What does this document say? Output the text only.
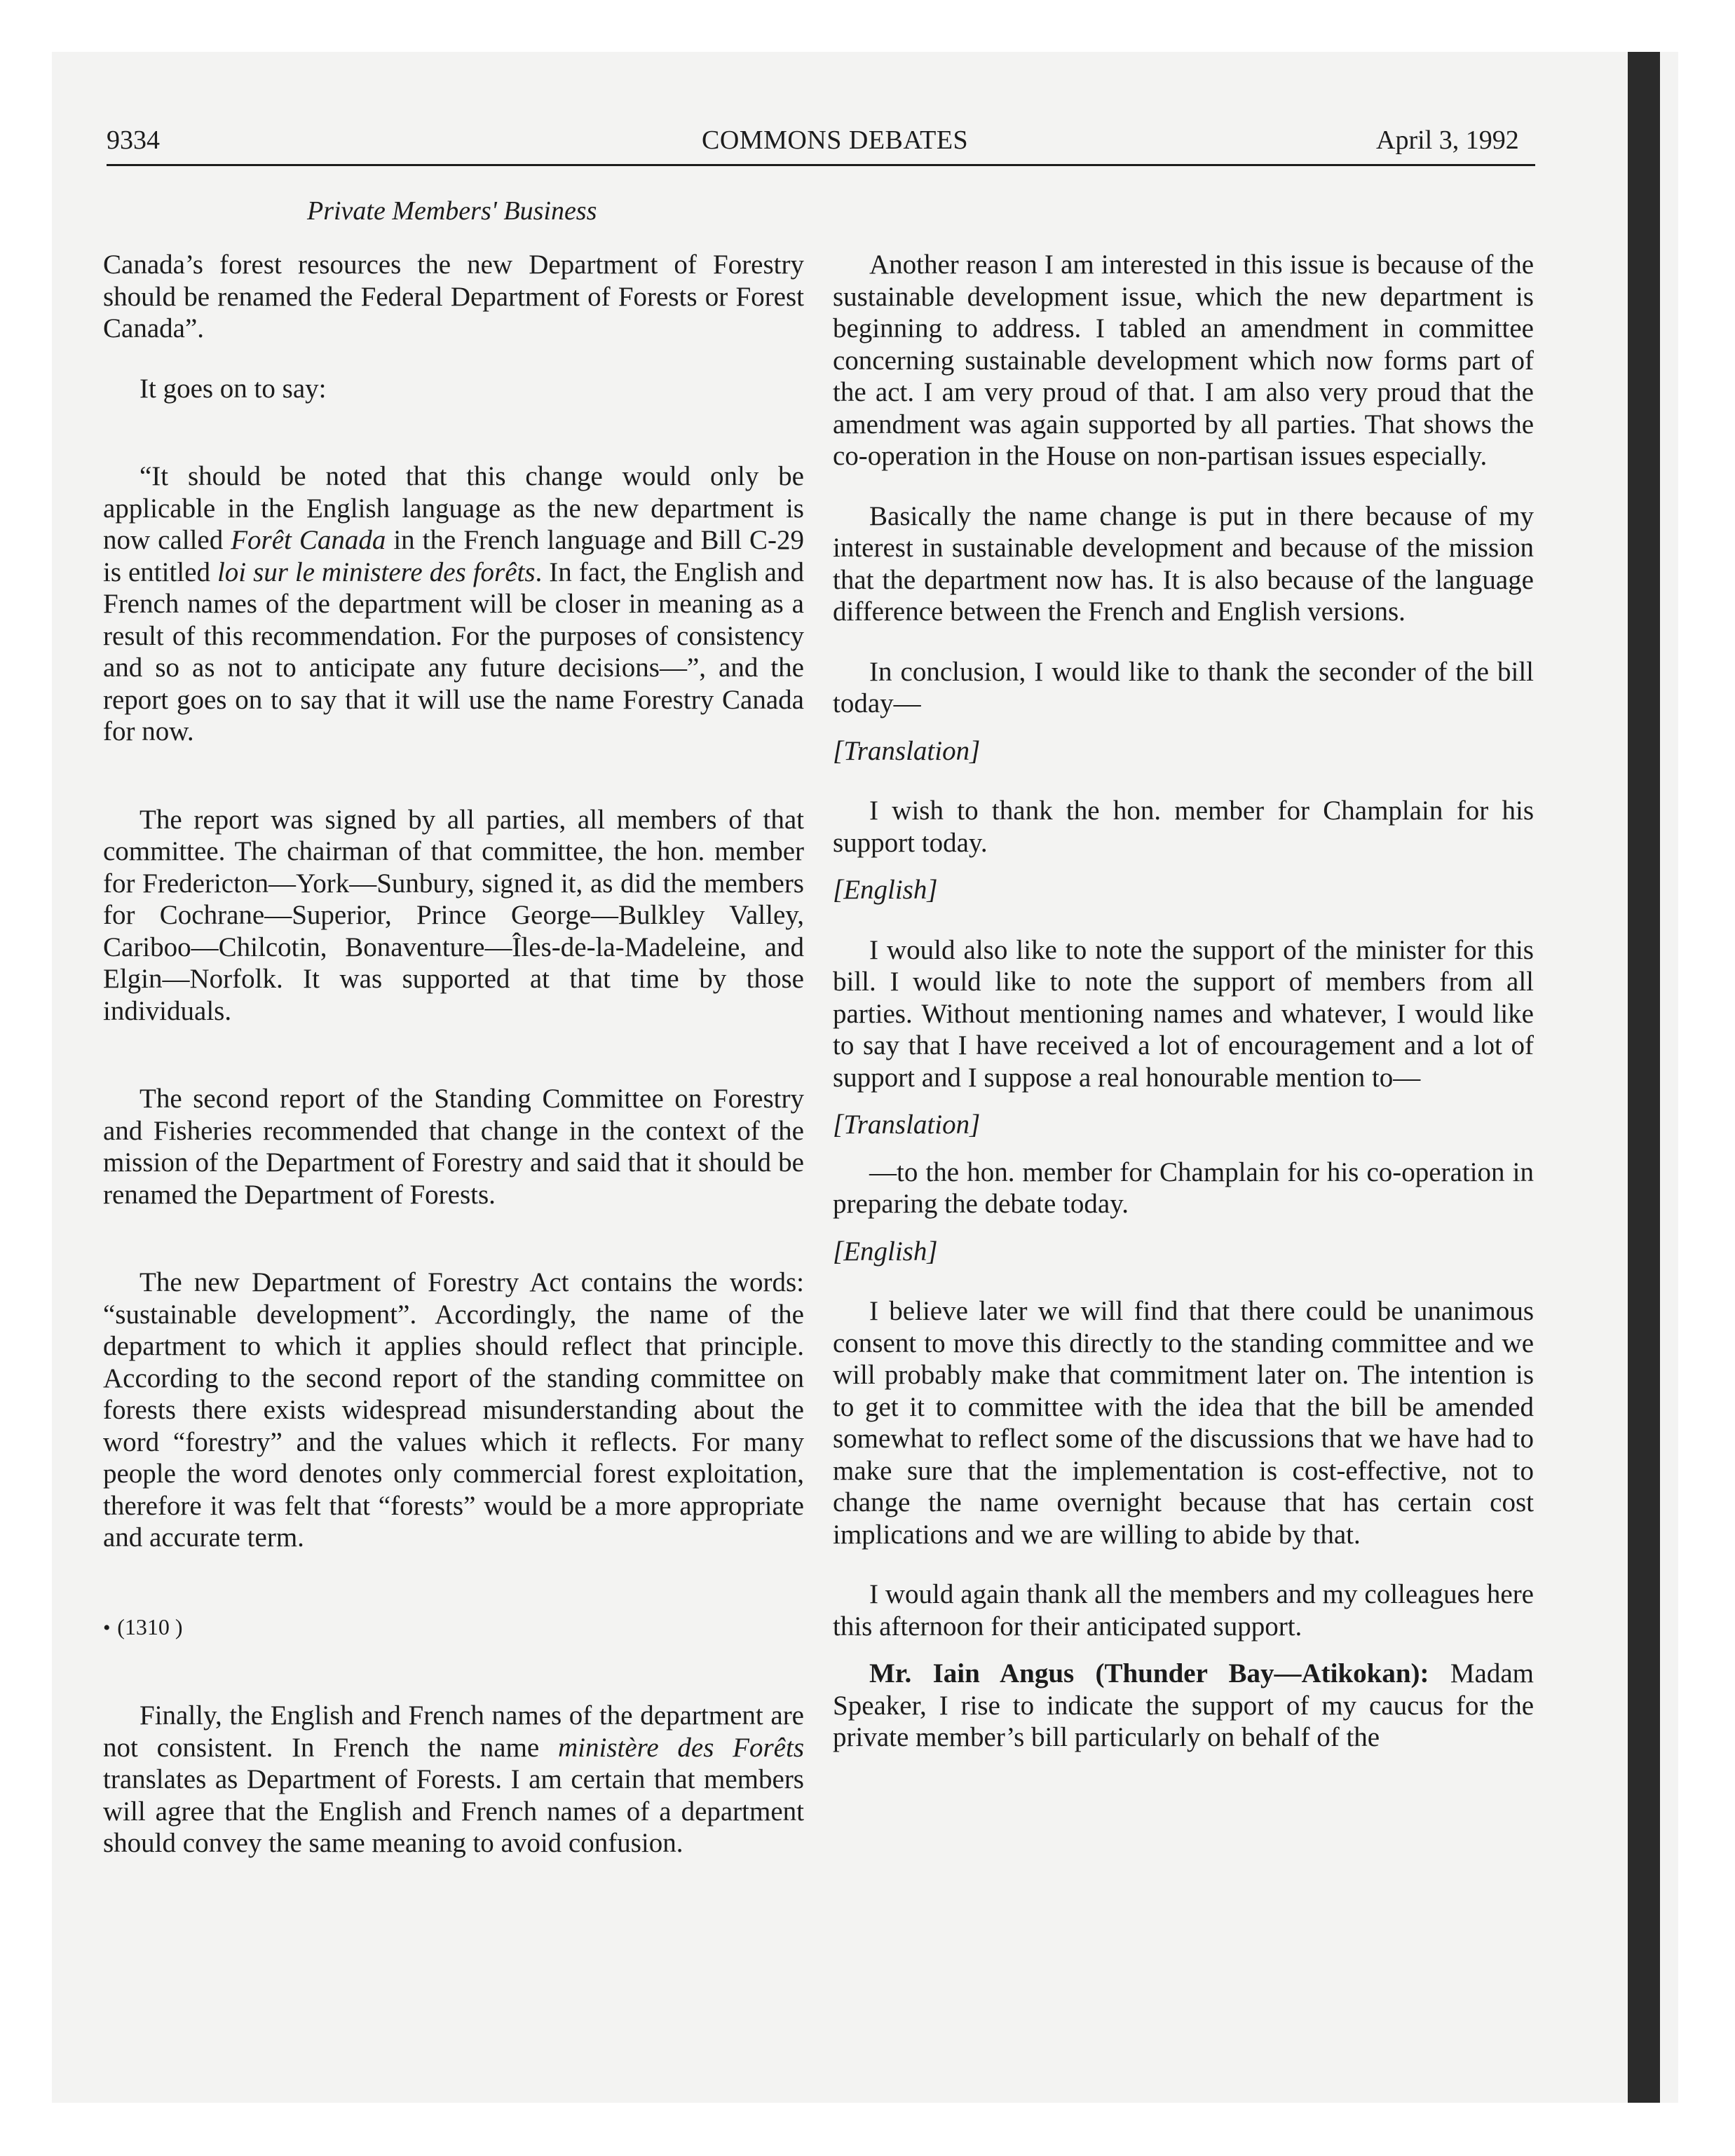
9334	COMMONS DEBATES	April 3, 1992
Private Members' Business

Canada’s forest resources the new Department of Forestry should be renamed the Federal Department of Forests or Forest Canada”.

It goes on to say:

“It should be noted that this change would only be applicable in the English language as the new department is now called Forêt Canada in the French language and Bill C-29 is entitled loi sur le ministere des forêts. In fact, the English and French names of the department will be closer in meaning as a result of this recommendation. For the purposes of consistency and so as not to anticipate any future decisions—”, and the report goes on to say that it will use the name Forestry Canada for now.

The report was signed by all parties, all members of that committee. The chairman of that committee, the hon. member for Fredericton—York—Sunbury, signed it, as did the members for Cochrane—Superior, Prince George—Bulkley Valley, Cariboo—Chilcotin, Bonaventure—Îles-de-la-Madeleine, and Elgin—Norfolk. It was supported at that time by those individuals.

The second report of the Standing Committee on Forestry and Fisheries recommended that change in the context of the mission of the Department of Forestry and said that it should be renamed the Department of Forests.

The new Department of Forestry Act contains the words: “sustainable development”. Accordingly, the name of the department to which it applies should reflect that principle. According to the second report of the standing committee on forests there exists widespread misunderstanding about the word “forestry” and the values which it reflects. For many people the word denotes only commercial forest exploitation, therefore it was felt that “forests” would be a more appropriate and accurate term.

• (1310 )

Finally, the English and French names of the department are not consistent. In French the name ministère des Forêts translates as Department of Forests. I am certain that members will agree that the English and French names of a department should convey the same meaning to avoid confusion.

Another reason I am interested in this issue is because of the sustainable development issue, which the new department is beginning to address. I tabled an amendment in committee concerning sustainable development which now forms part of the act. I am very proud of that. I am also very proud that the amendment was again supported by all parties. That shows the co-operation in the House on non-partisan issues especially.

Basically the name change is put in there because of my interest in sustainable development and because of the mission that the department now has. It is also because of the language difference between the French and English versions.

In conclusion, I would like to thank the seconder of the bill today—

[Translation]

I wish to thank the hon. member for Champlain for his support today.

[English]

I would also like to note the support of the minister for this bill. I would like to note the support of members from all parties. Without mentioning names and whatever, I would like to say that I have received a lot of encouragement and a lot of support and I suppose a real honourable mention to—

[Translation]

—to the hon. member for Champlain for his co-operation in preparing the debate today.

[English]

I believe later we will find that there could be unanimous consent to move this directly to the standing committee and we will probably make that commitment later on. The intention is to get it to committee with the idea that the bill be amended somewhat to reflect some of the discussions that we have had to make sure that the implementation is cost-effective, not to change the name overnight because that has certain cost implications and we are willing to abide by that.

I would again thank all the members and my colleagues here this afternoon for their anticipated support.

Mr. Iain Angus (Thunder Bay—Atikokan): Madam Speaker, I rise to indicate the support of my caucus for the private member’s bill particularly on behalf of the
